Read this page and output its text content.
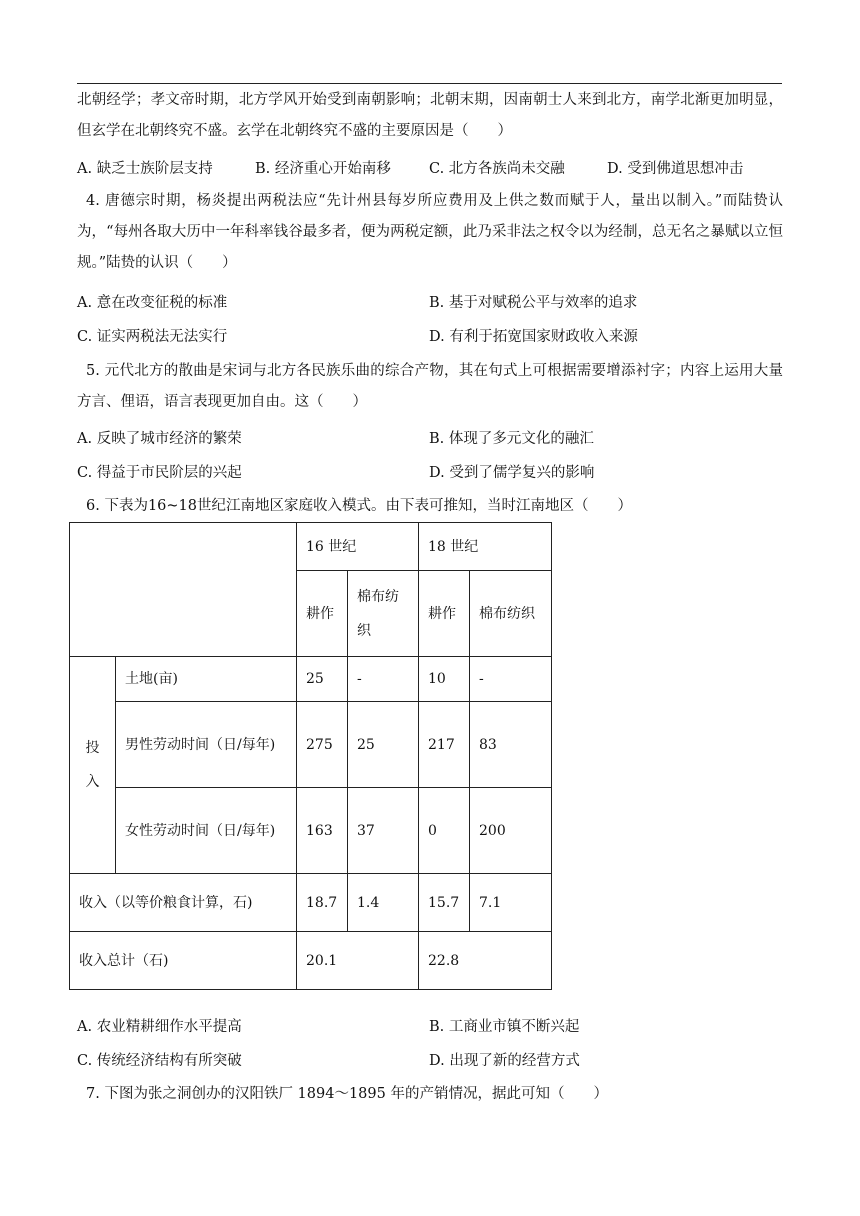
北朝经学；孝文帝时期，北方学风开始受到南朝影响；北朝末期，因南朝士人来到北方，南学北渐更加明显，但玄学在北朝终究不盛。玄学在北朝终究不盛的主要原因是（　　）

A. 缺乏士族阶层支持	B. 经济重心开始南移	C. 北方各族尚未交融	D. 受到佛道思想冲击

4. 唐德宗时期，杨炎提出两税法应“先计州县每岁所应费用及上供之数而赋于人，量出以制入。”而陆贽认为，“每州各取大历中一年科率钱谷最多者，便为两税定额，此乃采非法之权令以为经制，总无名之暴赋以立恒规。”陆贽的认识（　　）

A. 意在改变征税的标准	B. 基于对赋税公平与效率的追求
C. 证实两税法无法实行	D. 有利于拓宽国家财政收入来源

5. 元代北方的散曲是宋词与北方各民族乐曲的综合产物，其在句式上可根据需要增添衬字；内容上运用大量方言、俚语，语言表现更加自由。这（　　）

A. 反映了城市经济的繁荣	B. 体现了多元文化的融汇
C. 得益于市民阶层的兴起	D. 受到了儒学复兴的影响
6. 下表为16~18世纪江南地区家庭收入模式。由下表可推知，当时江南地区（　　）
		16 世纪		18 世纪	
		耕作	棉布纺织	耕作	棉布纺织
投入	土地(亩)	25	-	10	-
	男性劳动时间（日/每年)	275	25	217	83
	女性劳动时间（日/每年)	163	37	0	200
收入（以等价粮食计算，石)		18.7	1.4	15.7	7.1
收入总计（石)		20.1		22.8	
A. 农业精耕细作水平提高	B. 工商业市镇不断兴起
C. 传统经济结构有所突破	D. 出现了新的经营方式
7. 下图为张之洞创办的汉阳铁厂 1894～1895 年的产销情况，据此可知（　　）
